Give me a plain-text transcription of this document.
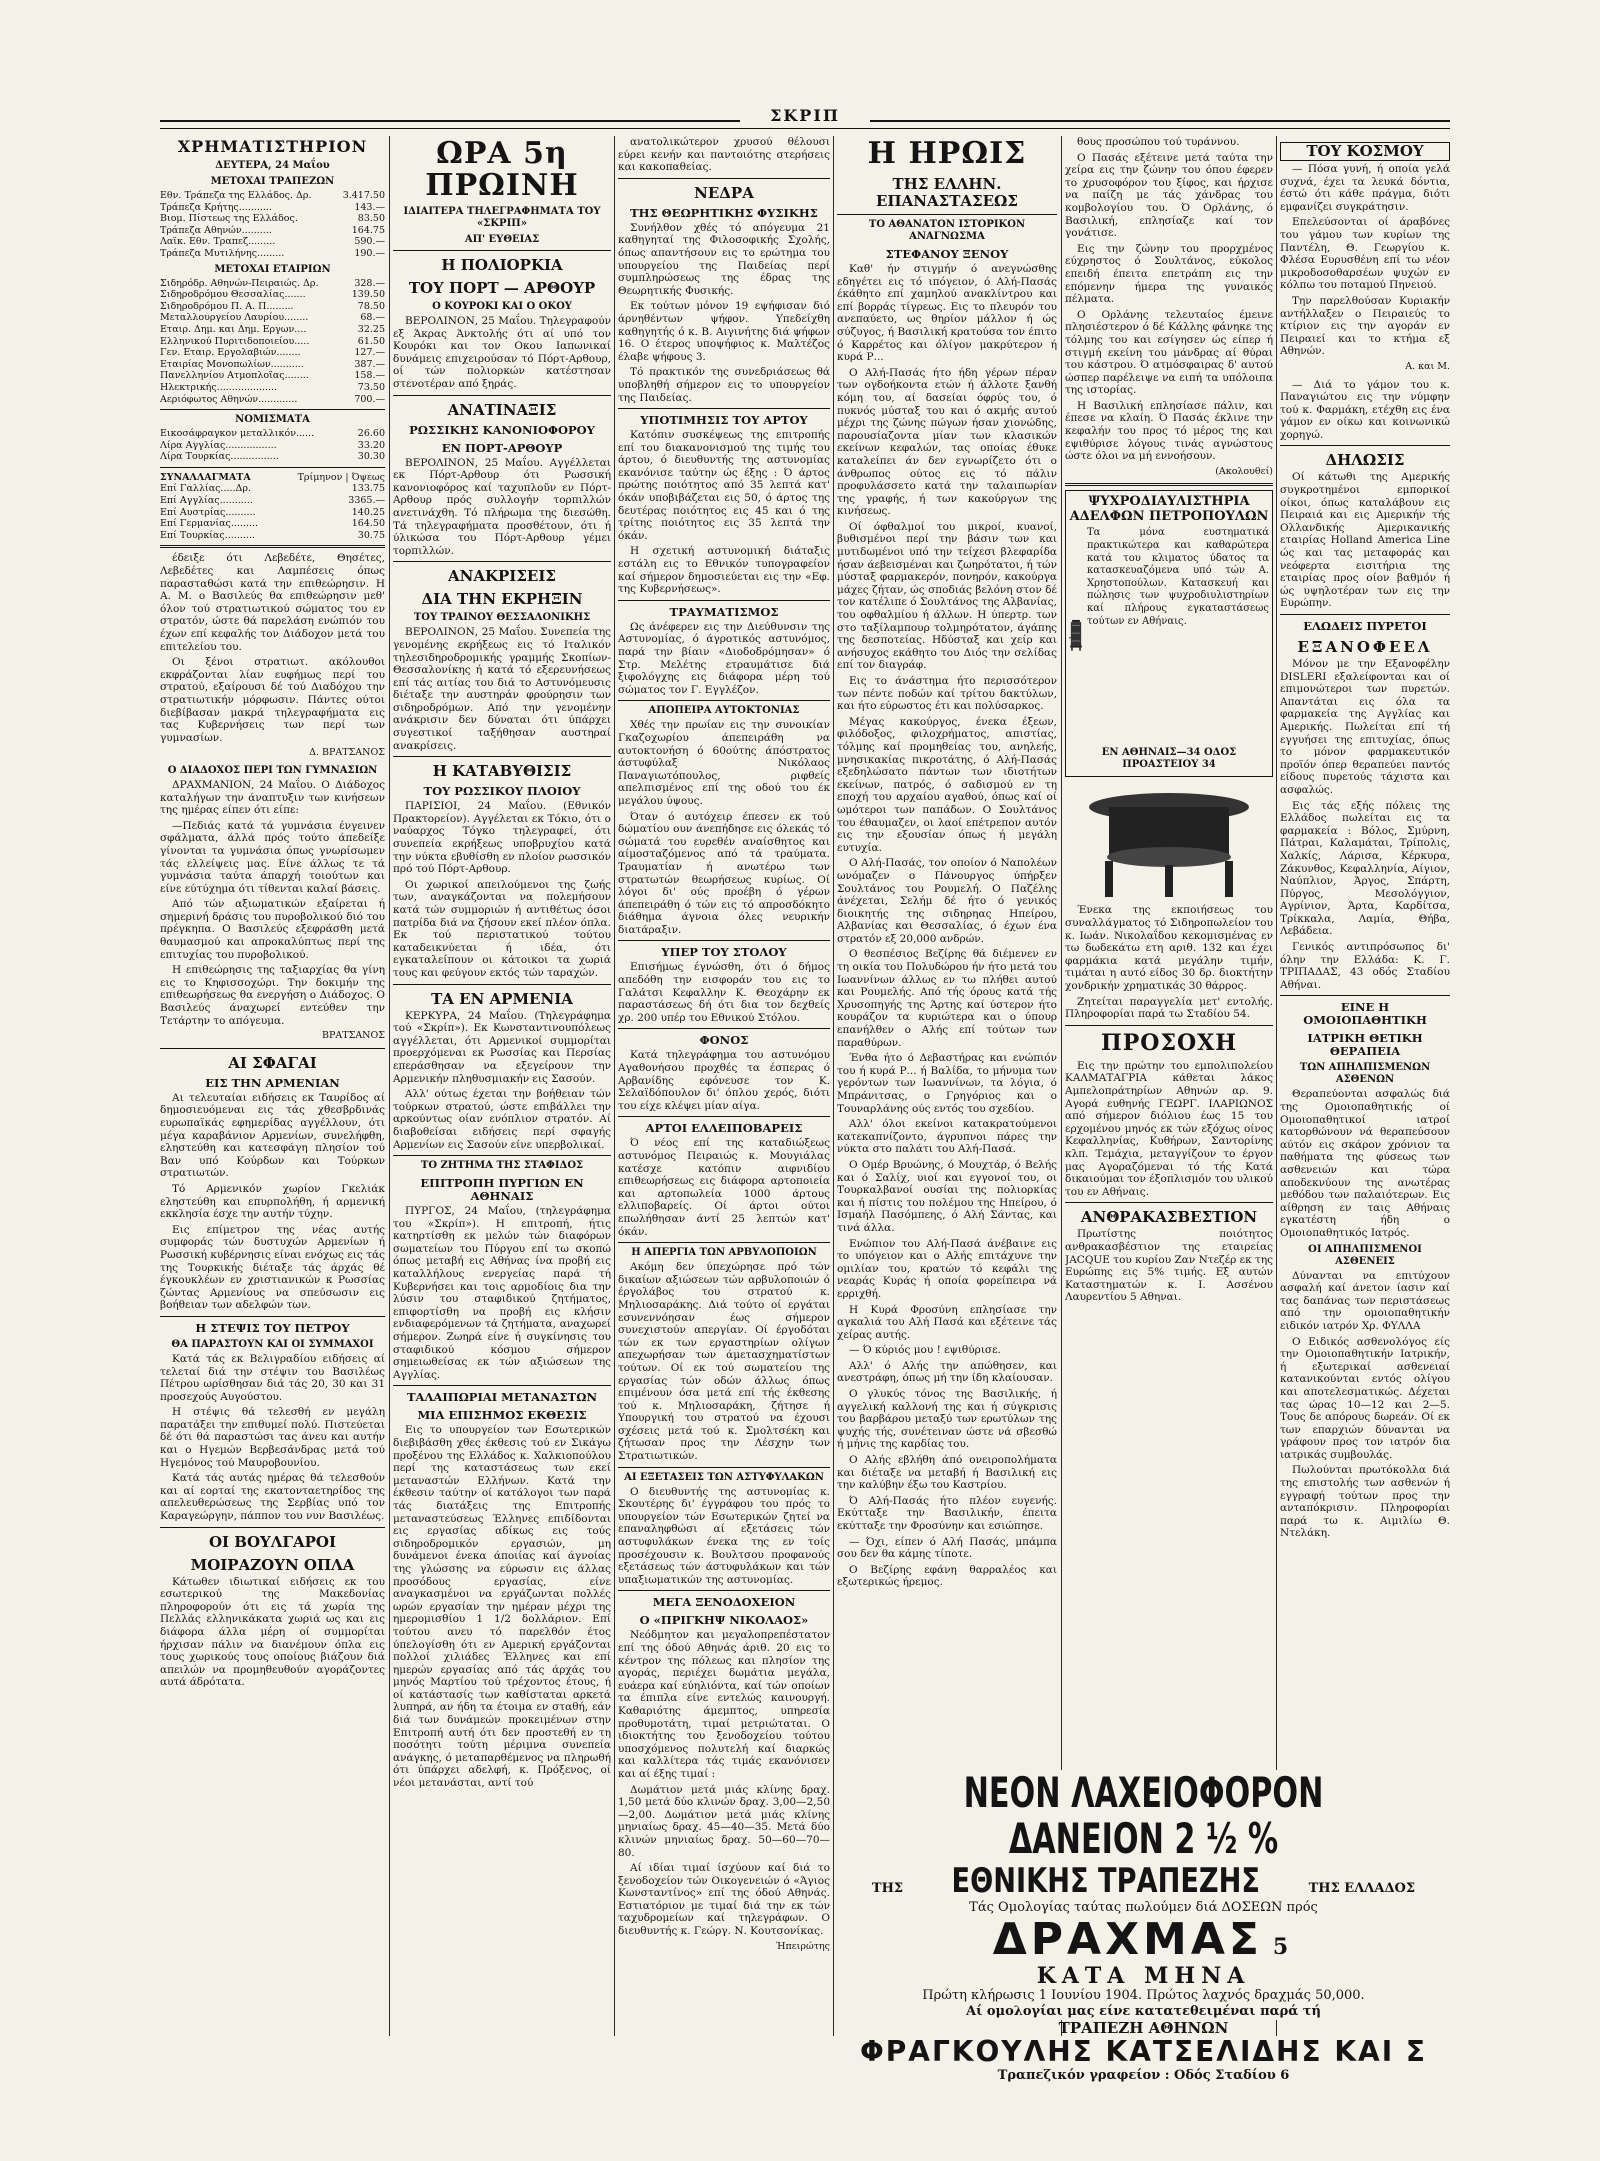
ΣΚΡΙΠ
ΧΡΗΜΑΤΙΣΤΗΡΙΟΝ
ΔΕΥΤΕΡΑ, 24 Μαΐου
ΜΕΤΟΧΑΙ ΤΡΑΠΕΖΩΝ
Εθν. Τράπεζα της Ελλάδος. Δρ.	3.417.50
Τράπεζα Κρήτης...........	143.—
Βιομ. Πίστεως της Ελλάδος.	83.50
Τράπεζα Αθηνών..........	164.75
Λαϊκ. Εθν. Τραπεζ.........	590.—
Τράπεζα Μυτιλήνης.........	190.—
ΜΕΤΟΧΑΙ ΕΤΑΙΡΙΩΝ
Σιδηρόδρ. Αθηνών-Πειραιώς. Δρ.	328.—
Σιδηροδρόμου Θεσσαλίας.......	139.50
Σιδηροδρόμου Π. Α. Π.........	78.50
Μεταλλουργείου Λαυρίου........	68.—
Εταιρ. Δημ. και Δημ. Εργων....	32.25
Ελληνικού Πυριτιδοποιείου.....	61.50
Γεν. Εταιρ. Εργολαβιών........	127.—
Εταιρίας Μονοπωλίων...........	387.—
Πανελληνίου Ατμοπλοΐας........	158.—
Ηλεκτρικής....................	73.50
Αεριόφωτος Αθηνών.............	700.—
ΝΟΜΙΣΜΑΤΑ
Εικοσάφραγκον μεταλλικόν......	26.60
Λίρα Αγγλίας.................	33.20
Λίρα Τουρκίας................	30.30
ΣΥΝΑΛΛΑΓΜΑΤΑ	Τρίμηνον | Όψεως
Επί Γαλλίας.....Δρ.	133.75
Επί Αγγλίας...........	3365.—
Επί Αυστρίας..........	140.25
Επί Γερμανίας.........	164.50
Επί Τουρκίας..........	30.75

έδειξε ότι Λεβεδέτε, Θησέτες, Λεβεδέτες και Λαμπέσεις όπως παρασταθώσι κατά την επιθεώρησιν. Η Α. Μ. ο Βασιλεύς θα επιθεώρησιν μεθ' όλον τού στρατιωτικού σώματος του εν στρατόν, ώστε θά παρελάση ενώπιόν του έχων επί κεφαλής τον Διάδοχον μετά του επιτελείου του.

Οι ξένοι στρατιωτ. ακόλουθοι εκφράζονται λίαν ευφήμως περί του στρατού, εξαίρουσι δέ τού Διαδόχου την στρατιωτικήν μόρφωσιν. Πάντες ούτοι διεβίβασαν μακρά τηλεγραφήματα εις τας Κυβερνήσεις των περί των γυμνασίων.

Δ. ΒΡΑΤΣΑΝΟΣ
Ο ΔΙΑΔΟΧΟΣ ΠΕΡΙ ΤΩΝ ΓΥΜΝΑΣΙΩΝ

ΔΡΑΧΜΑΝΙΟΝ, 24 Μαΐου. Ο Διάδοχος καταλήγων την άναπτυξιν των κινήσεων της ημέρας είπεν ότι είπε:

—Πεδιάς κατά τά γυμνάσια ένγεινεν σφάλματα, άλλά πρός τούτο άπεδείξε γίνονται τα γυμνάσια όπως γνωρίσωμεν τάς ελλείψεις μας. Είνε άλλως τε τά γυμνάσια ταύτα άπαρχή τοιούτων και είνε εύτύχημα ότι τίθενται καλαί βάσεις.

Από τών αξιωματικών εξαίρεται ή σημερινή δράσις του πυροβολικού διό του πρέγκηπα. Ο Βασιλεύς εξεφράσθη μετά θαυμασμού και απροκαλύπτως περί της επιτυχίας του πυροβολικού.

Η επιθεώρησις της ταξιαρχίας θα γίνη εις το Κηφισσοχώρι. Την δοκιμήν της επιθεωρήσεως θα ενεργήση ο Διάδοχος. Ο Βασιλεύς άναχωρεί εντεύθεν την Τετάρτην το απόγευμα.

ΒΡΑΤΣΑΝΟΣ
ΑΙ ΣΦΑΓΑΙ
ΕΙΣ ΤΗΝ ΑΡΜΕΝΙΑΝ

Αι τελευταίαι ειδήσεις εκ Ταυρίδος αί δημοσιευόμεναι εις τάς χθεσβρδινάς ευρωπαϊκάς εφημερίδας αγγέλλουν, ότι μέγα καραβάνιον Αρμενίων, συνελήφθη, εληστεύθη και κατεσφάγη πλησίον τού Βαν υπό Κούρδων και Τούρκων στρατιωτών.

Τό Αρμενικόν χωρίον Γκελιάκ εληστεύθη και επυρπολήθη, ή αρμενική εκκλησία έσχε την αυτήν τύχην.

Εις επίμετρον της νέας αυτής συμφοράς τών δυστυχών Αρμενίων ή Ρωσσική κυβέρνησις είναι ενόχως εις τάς της Τουρκικής διέταξε τάς άρχάς θέ έγκουκλέων εν χριστιανικών κ Ρωσσίας ζώντας Αρμενίους να σπεύσωσιν εις βοήθειαν των αδελφών των.

Η ΣΤΕΨΙΣ ΤΟΥ ΠΕΤΡΟΥ
ΘΑ ΠΑΡΑΣΤΟΥΝ ΚΑΙ ΟΙ ΣΥΜΜΑΧΟΙ

Κατά τάς εκ Βελιγραδίου ειδήσεις αί τελεταί διά την στέψιν του Βασιλέως Πέτρου ωρίσθησαν διά τάς 20, 30 και 31 προσεχούς Αυγούστου.

Η στέψις θά τελεσθή εν μεγάλη παρατάξει την επιθυμεί πολύ. Πιστεύεται δέ ότι θά παραστώσι τας άνευ και αυτήν και ο Ηγεμών Βερβεσάνδρας μετά τού Ηγεμόνος τού Μαυροβουνίου.

Κατά τάς αυτάς ημέρας θά τελεσθούν και αί εορταί της εκατονταετηρίδος της απελευθερώσεως της Σερβίας υπό τον Καραγεώργην, πάππον του νυν Βασιλέως.

ΟΙ ΒΟΥΛΓΑΡΟΙ
ΜΟΙΡΑΖΟΥΝ ΟΠΛΑ

Κάτωθεν ιδιωτικαί ειδήσεις εκ του εσωτερικού της Μακεδονίας πληροφορούν ότι εις τά χωρία της Πελλάς ελληνικάκατα χωριά ως και εις διάφορα άλλα μέρη οί συμμορίται ήρχισαν πάλιν να διανέμουν όπλα εις τους χωρικούς τους οποίους βιάζουν διά απειλών να προμηθευθούν αγοράζοντες αυτά άδρότατα.

ΩΡΑ 5η ΠΡΩΙΝΗ
ΙΔΙΑΙΤΕΡΑ ΤΗΛΕΓΡΑΦΗΜΑΤΑ ΤΟΥ «ΣΚΡΙΠ»
ΑΠ' ΕΥΘΕΙΑΣ
Η ΠΟΛΙΟΡΚΙΑ
ΤΟΥ ΠΟΡΤ — ΑΡΘΟΥΡ
Ο ΚΟΥΡΟΚΙ ΚΑΙ Ο ΟΚΟΥ

ΒΕΡΟΛΙΝΟΝ, 25 Μαΐου. Τηλεγραφούν εξ Άκρας Άνκτολής ότι αί υπό τον Κουρόκι και τον Οκου Ιαπωνικαί δυνάμεις επιχειρούσαν τό Πόρτ-Αρθουρ, οί τών πολιορκών κατέστησαν στενοτέραν από ξηράς.

ΑΝΑΤΙΝΑΞΙΣ
ΡΩΣΣΙΚΗΣ ΚΑΝΟΝΙΟΦΟΡΟΥ
ΕΝ ΠΟΡΤ-ΑΡΘΟΥΡ

ΒΕΡΟΛΙΝΟΝ, 25 Μαΐου. Αγγέλλεται εκ Πόρτ-Αρθουρ ότι Ρωσσική κανονιοφόρος καί ταχυπλοῦν εν Πόρτ-Αρθουρ πρός συλλογήν τορπιλλών ανετινάχθη. Τό πλήρωμα της διεσώθη. Τά τηλεγραφήματα προσθέτουν, ότι ή ύλικώσα του Πόρτ-Αρθουρ γέμει τορπιλλών.

ΑΝΑΚΡΙΣΕΙΣ
ΔΙΑ ΤΗΝ ΕΚΡΗΞΙΝ
ΤΟΥ ΤΡΑΙΝΟΥ ΘΕΣΣΑΛΟΝΙΚΗΣ

ΒΕΡΟΛΙΝΟΝ, 25 Μαΐου. Συνεπεία της γενομένης εκρήξεως εις τό Ιταλικόν τηλεσιδηροδρομικής γραμμής Σκοπίων-Θεσσαλονίκης ή κατά τό εξερευνήσεως επί τάς αιτίας του διά το Αστυνόμευσις διέταξε την αυστηράν φρούρησιν των σιδηροδρόμων. Από την γενομένην ανάκρισιν δεν δύναται ότι ύπάρχει συγεστικοί ταξήθησαν αυστηραί ανακρίσεις.

Η ΚΑΤΑΒΥΘΙΣΙΣ
ΤΟΥ ΡΩΣΣΙΚΟΥ ΠΛΟΙΟΥ

ΠΑΡΙΣΙΟΙ, 24 Μαΐου. (Εθνικόν Πρακτορείον). Αγγέλεται εκ Τόκιο, ότι ο ναύαρχος Τόγκο τηλεγραφεί, ότι συνεπεία εκρήξεως υποβρυχίου κατά την νύκτα εβυθίσθη εν πλοίον ρωσσικόν πρό τού Πόρτ-Αρθουρ.

Οι χωρικοί απειλούμενοι της ζωής των, αναγκάζονται να πολεμήσουν κατά τών συμμοριών ή αντιθέτως όσοι πατρίδα διά να ζήσουν εκεί πλέον όπλα. Εκ τού περιστατικού τούτου καταδεικνύεται ή ιδέα, ότι εγκαταλείπουν οι κάτοικοι τα χωριά τους και φεύγουν εκτός τών ταραχών.

ΤΑ ΕΝ ΑΡΜΕΝΙΑ

ΚΕΡΚΥΡΑ, 24 Μαΐου. (Τηλεγράφημα τού «Σκρίπ»). Εκ Κωνσταντινουπόλεως αγγέλλεται, ότι Αρμενικοί συμμορίται προερχόμεναι εκ Ρωσσίας και Περσίας επεράσθησαν να εξεγείρουν την Αρμενικήν πληθυσμιακήν εις Σασούν.

Αλλ' ούτως έχεται την βοήθειαν τών τούρκων στρατού, ώστε επιβάλλει την αρκούντως οίαν ενόπλιον στρατόν. Αί διαβοθείσαι ειδήσεις περί σφαγής Αρμενίων εις Σασούν είνε υπερβολικαί.

ΤΟ ΖΗΤΗΜΑ ΤΗΣ ΣΤΑΦΙΔΟΣ
ΕΠΙΤΡΟΠΗ ΠΥΡΓΙΩΝ ΕΝ ΑΘΗΝΑΙΣ

ΠΥΡΓΟΣ, 24 Μαΐου, (τηλεγράφημα του «Σκρίπ»). Η επιτροπή, ήτις κατηρτίσθη εκ μελών τών διαφόρων σωματείων του Πύργου επί τω σκοπώ όπως μεταβή εις Αθήνας ίνα προβή εις καταλλήλους ενεργείας παρά τή Κυβερνήσει και τοις αρμοδίοις δια την λύσιν του σταφιδικού ζητήματος, επιφορτίσθη να προβή εις κλήσιν ενδιαφερόμενων τά ζητήματα, αναχωρεί σήμερον. Ζωηρά είνε ή συγκίνησις του σταφιδικού κόσμου σήμερον σημειωθείσας εκ τών αξιώσεων της Αγγλίας.

ΤΑΛΑΙΠΩΡΙΑΙ ΜΕΤΑΝΑΣΤΩΝ
ΜΙΑ ΕΠΙΣΗΜΟΣ ΕΚΘΕΣΙΣ

Εις το υπουργείον των Εσωτερικών διεβιβάσθη χθες έκθεσις τού εν Σικάγω προξένου της Ελλάδος κ. Χαλκιοπούλου περί της καταστάσεως των εκεί μεταναστών Ελλήνων. Κατά την έκθεσιν ταύτην οί κατάλογοι των παρά τάς διατάξεις της Επιτροπής μεταναστεύσεως Έλληνες επιδίδονται εις εργασίας αδίκως εις τούς σιδηροδρομικόν εργασιών, μη δυνάμενοι ένεκα άποιίας καί άγνοίας της γλώσσης να εύρωσιν εις άλλας προσόδους εργασίας, είνε αναγκασμένοι να εργάζωνται πολλές ωρών εργασίαν την ημέραν μέχρι της ημερομισθίου 1 1/2 δολλάριον. Επί τούτου ανευ τό παρελθόν έτος ύπελογίσθη ότι εν Αμερική εργάζονται πολλοί χιλιάδες Έλληνες και επί ημερών εργασίας από τάς άρχάς του μηνός Μαρτίου τού τρέχοντος έτους, ή οί κατάστασίς των καθίσταται αρκετά λυπηρά, αν ήδη τα έτοιμα εν σταθή, εάν διά των δυνάμεών προκειμένων στην Επιτροπή αυτή ότι δεν προστεθή εν τη ποσότητι τούτη μέριμνα συνεπεία ανάγκης, ό μεταπαρθέμενος να πληρωθή ότι ύπάρχει αδελφή, κ. Πρόξενος, οί νέοι μετανάσται, αντί τού

ανατολικώτερον χρυσού θέλουσι εύρει κενήν και παντοιότης στερήσεις και κακοπαθείας.

ΝΕΔΡΑ
ΤΗΣ ΘΕΩΡΗΤΙΚΗΣ ΦΥΣΙΚΗΣ

Συνήλθον χθές τό απόγευμα 21 καθηγηταί της Φιλοσοφικής Σχολής, όπως απαντήσουν εις το ερώτημα του υπουργείου της Παιδείας περί συμπληρώσεως της έδρας της Θεωρητικής Φυσικής.

Εκ τούτων μόνον 19 εψήφισαν διό άρνηθέντων ψήφον. Υπεδείχθη καθηγητής ό κ. Β. Αιγινήτης διά ψήφων 16. Ο έτερος υποψήφιος κ. Μαλτέζος έλαβε ψήφους 3.

Τό πρακτικόν της συνεδριάσεως θά υποβληθή σήμερον εις το υπουργείον της Παιδείας.

ΥΠΟΤΙΜΗΣΙΣ ΤΟΥ ΑΡΤΟΥ

Κατόπιν συσκέψεως της επιτροπής επί του διακανονισμού της τιμής του άρτου, ό διευθυντής της αστυνομίας εκανόνισε ταύτην ώς έξης : Ό άρτος πρώτης ποιότητος από 35 λεπτά κατ' όκάν υποβιβάζεται εις 50, ό άρτος της δευτέρας ποιότητος εις 45 και ό της τρίτης ποιότητος εις 35 λεπτά την όκάν.

Η σχετική αστυνομική διάταξις εστάλη εις το Εθνικόν τυπογραφείον καί σήμερον δημοσιεύεται εις την «Εφ. της Κυβερνήσεως».

ΤΡΑΥΜΑΤΙΣΜΟΣ

Ως άνέφερεν εις την Διεύθυνσιν της Αστυνομίας, ό άγροτικός αστυνόμος, παρά την βίαιν «Διοδοδρόμησαν» ό Στρ. Μελέτης ετραυμάτισε διά ξιφολόγχης εις διάφορα μέρη τού σώματος τον Γ. Εγγλέζον.

ΑΠΟΠΕΙΡΑ ΑΥΤΟΚΤΟΝΙΑΣ

Χθές την πρωίαν εις την συνοικίαν Γκαζοχωρίου άπεπειράθη να αυτοκτονήση ό 60ούτης άπόστρατος άστυφύλαξ Νικόλαος Παναγιωτόπουλος, ριφθείς απελπισμένος επί της οδού του έκ μεγάλου ύψους.

Όταν ό αυτόχειρ έπεσεν εκ τού δώματίου ουν άνεπήδησε εις όλεκάς τό σώματά του ευρεθέν αναίσθητος και αίμοσταζόμενος από τά τραύματα. Τραυματίαν ή ανωτέρω των στρατωτών θεωρήσεως κυρίως. Οί λόγοι δι' ούς προέβη ό γέρων άπεπειράθη ό τών εις τό απροσδόκητο διάθημα άγνοια όλες νευρικήν διατάραξιν.

ΥΠΕΡ ΤΟΥ ΣΤΟΛΟΥ

Επισήμως έγνώσθη, ότι ό δήμος απεδόθη την εισφοράν του εις το Γαλάτσι Κεφαλλην Κ. Θεοχάρην εκ παραστάσεως δή ότι δια τον δεχθείς χρ. 200 υπέρ του Εθνικού Στόλου.

ΦΟΝΟΣ

Κατά τηλεγράφημα του αστυνόμου Αγαθονήσου προχθές τα έσπερας ό Αρβανίδης εφόνευσε τον Κ. Σελαϊδόπουλον δι' όπλου χερός, διότι του είχε κλέψει μίαν αίγα.

ΑΡΤΟΙ ΕΛΛΕΙΠΟΒΑΡΕΙΣ

Ό νέος επί της καταδιώξεως αστυνόμος Πειραιώς κ. Μουγιάλας κατέσχε κατόπιν αιφνιδίου επιθεωρήσεως εις διάφορα αρτοποιεία και αρτοπωλεία 1000 άρτους ελλιποβαρείς. Οί άρτοι ούτοι επωλήθησαν άντί 25 λεπτών κατ' όκάν.

Η ΑΠΕΡΓΙΑ ΤΩΝ ΑΡΒΥΛΟΠΟΙΩΝ

Ακόμη δεν ύπεχώρησε πρό τών δικαίων αξιώσεων τών αρβυλοποιών ό έργολάβος του στρατού κ. Μηλιοσαράκης. Διά τούτο οί εργάται εσυνεννόησαν έως σήμερον συνεχιστούν απεργίαν. Οί έργοδόται τών εκ των εργαστηρίων ολίγων απεχωρήσαν των άμετασχηματίστων τούτων. Οί εκ τού σωματείου της εργασίας τών οδών άλλως όπως επιμένουν όσα μετά επί τής έκθεσης τού κ. Μηλιοσαράκη, ζήτησε ή Υπουργική του στρατού να έχουσι σχέσεις μετά τού κ. Σμολτσέκη και ζήτωσαν προς την Λέσχην των Στρατιωτικών.

ΑΙ ΕΞΕΤΑΣΕΙΣ ΤΩΝ ΑΣΤΥΦΥΛΑΚΩΝ

Ο διευθυντής της αστυνομίας κ. Σκουτέρης δι' έγγράφου του πρός το υπουργείον τών Εσωτερικών ζητεί να επαναληφθώσι αί εξετάσεις τών αστυφυλάκων ένεκα της εν τοίς προσέχουσιν κ. Βουλτσου προφανούς εξετάσεως τών άστυφυλάκων και τών υπαξιωματικών της αστυνομίας.

ΜΕΓΑ ΞΕΝΟΔΟΧΕΙΟΝ
Ο «ΠΡΙΓΚΗΨ ΝΙΚΟΛΑΟΣ»

Νεόδμητον και μεγαλοπρεπέστατον επί της όδού Αθηνάς άριθ. 20 εις το κέντρον της πόλεως και πλησίον της αγοράς, περιέχει δωμάτια μεγάλα, ευάερα καί εύηλιόντα, καί τών οποίων τα έπιπλα είνε εντελώς καινουργή. Καθαριότης άμεμπτος, υπηρεσία προθυμοτάτη, τιμαί μετριώταται. Ο ιδιοκτήτης του ξενοδοχείου τούτου υποσχόμενος πολυτελή καί διαρκώς και καλλίτερα τάς τιμάς εκανόνισεν και αί έξης τιμαί :

Δωμάτιον μετά μιάς κλίνης δραχ. 1,50 μετά δύο κλινών δραχ. 3,00—2,50—2,00. Δωμάτιον μετά μιάς κλίνης μηνιαίως δραχ. 45—40—35. Μετά δύο κλινών μηνιαίως δραχ. 50—60—70—80.

Αί ιδίαι τιμαί ίσχύουν καί διά το ξενοδοχείον τών Οικογενειών ό «Άγιος Κωνσταντίνος» επί της όδού Αθηνάς. Εστιατόριον με τιμαί διά την εκ τών ταχυδρομείων καί τηλεγράφων. Ο διευθυντής κ. Γεώργ. Ν. Κουτσονίκας.

Ήπειρώτης
Η ΗΡΩΙΣ
ΤΗΣ ΕΛΛΗΝ. ΕΠΑΝΑΣΤΑΣΕΩΣ
ΤΟ ΑΘΑΝΑΤΟΝ ΙΣΤΟΡΙΚΟΝ ΑΝΑΓΝΩΣΜΑ
ΣΤΕΦΑΝΟΥ ΞΕΝΟΥ

Καθ' ήν στιγμήν ό ανεγνώσθης εδηγέτει εις τό ιπόγειον, ό Αλή-Πασάς έκάθητο επί χαμηλού ανακλίντρου και επί βορράς τίγρεως. Εις το πλευρόν του ανεπαύετο, ως θηρίον μάλλον ή ώς σύζυγος, ή Βασιλική κρατούσα τον έπιτο ό Καρρέτος και όλίγον μακρύτερον ή κυρά Ρ...

Ο Αλή-Πασάς ήτο ήδη γέρων πέραν των ογδοήκοντα ετών ή άλλοτε ξανθή κόμη του, αί δασείαι όφρύς του, ό πυκνός μύσταξ του και ό ακμής αυτού μέχρι της ζώνης πώγων ήσαν χιονώδης, παρουσίαζοντα μίαν των κλασικών εκείνων κεφαλών, τας οποίας έθυκε καταλείπει άν δεν εγνωρίζετο ότι ο άνθρωπος ούτος εις τό πάλιν προφυλάσσετο κατά την ταλαιπωρίαν της γραφής, ή των κακούργων της κινήσεως.

Οί όφθαλμοί του μικροί, κυανοί, βυθισμένοι περί την βάσιν των και μυτιδωμένοι υπό την τείχεσι βλεφαρίδα ήσαν άεβεισμέναι και ζωηρότατοι, ή τών μύσταξ φαρμακερόν, πονηρόν, κακούργα μάχες ζήταν, ώς σποδιάς βελόνη στον δέ τον κατέλιπε ό Σουλτάνος της Αλβανίας, του οφθαλμίου ή άλλων. Η ύπερτρ. των στο ταξίλαμπουρ τολμηρότατον, άγάπης της δεσποτείας. Ηδύσταξ και χείρ και ανήσυχος εκάθητο του Διός την σελίδας επί τον διαγράφ.

Εις το άνάστημα ήτο περισσότερον των πέντε ποδών καί τρίτου δακτύλων, και ήτο εύρωστος έτι και πολύσαρκος.

Μέγας κακούργος, ένεκα έξεων, φιλόδοξος, φιλοχρήματος, απιστίας, τόλμης καί προμηθείας του, ανηλεής, μνησικακίας πικροτάτης, ό Αλή-Πασάς εξεδηλώσατο πάντων των ιδιοτήτων εκείνων, πατρός, ό σαδισμού εν τη εποχή του αρχαίου αγαθού, όπως καί οί ωμότεροι των παπάδων. Ο Σουλτάνος του έθαυμαζεν, οι λαοί επέτρεπον αυτόν εις την εξουσίαν όπως ή μεγάλη ευτυχία.

Ο Αλή-Πασάς, τον οποίον ό Ναπολέων ωνόμαζεν ο Πάνουργος ύπήρξεν Σουλτάνος του Ρουμελή. Ο Παζέλης άνέχεται, Σελήμ δέ ήτο ό γενικός διοικητής της σιδηρηας Ηπείρου, Αλβανίας και Θεσσαλίας, ό έχων ένα στρατόν εξ 20,000 ανδρών.

Ο θεσπέσιος Βεζίρης θά διέμενεν εν τη οικία του Πολυδώρου ήν ήτο μετά του Ιωαννίνων άλλως εν τω πλήθει αυτού και Ρουμελής. Από τής όρους κατά τής Χρυσοπηγής της Άρτης καί ύστερον ήτο κουράζον τα κυριώτερα και ο ύπουρ επανήλθεν ο Αλής επί τούτων των παραθύρων.

Ένθα ήτο ό Δεβαστήρας και ενώπιόν του ή κυρά Ρ... ή Βαλίδα, το μήνυμα των γερόντων των Ιωαννίνων, τα λόγια, ό Μπράνιτσας, ο Γρηγόριος και ο Τουναρλάνης ούς εντός του σχεδίου.

Αλλ' όλοι εκείνοι κατακρατούμενοι κατεκαπνίζοντο, άγρυπνοι πάρες την νύκτα στο παλάτι του Αλή-Πασά.

Ο Ομέρ Βρυώνης, ό Μουχτάρ, ό Βελής και ό Σαλίχ, υιοί και εγγονοί του, οι Τουρκαλβανοί ουσίαι της πολιορκίας και ή πίστις του πολέμου της Ηπείρου, ό Ισμαήλ Πασόμπεης, ό Αλή Σάντας, και τινά άλλα.

Ενώπιον του Αλή-Πασά άνέβαινε εις το υπόγειον και ο Αλής επιτάχυνε την ομιλίαν του, κρατών τό κεφάλι της νεαράς Κυράς ή οποία φορείπειρα νά ερριχθή.

Η Κυρά Φροσύνη επλησίασε την αγκαλιά του Αλή Πασά και εξέτεινε τάς χείρας αυτής.

— Ό κύριός μου ! εψιθύρισε.

Αλλ' ό Αλής την απώθησεν, και ανεστράφη, όπως μή την ίδη κλαίουσαν.

Ο γλυκύς τόνος της Βασιλικής, ή αγγελική καλλονή της και ή σύγκρισις του βαρβάρου μεταξύ των ερωτύλων της ψυχής τής, συνέτειναν ώστε νά σβεσθώ ή μήνις της καρδίας του.

Ο Αλής εβλήθη άπό ονειροπολήματα και διέταξε να μεταβή ή Βασιλική εις την καλύβην έξω του Καστρίου.

Ό Αλή-Πασάς ήτο πλέον ευγενής. Εκύτταξε την Βασιλικήν, έπειτα εκύτταξε την Φροσύνην και εσιώπησε.

— Όχι, είπεν ό Αλή Πασάς, μπάμπα σου δεν θα κάμης τίποτε.

Ο Βεζίρης εφάνη θαρραλέος και εξωτερικώς ήρεμος.

θους προσώπου τού τυράννου.

Ο Πασάς εξέτεινε μετά ταύτα την χείρα εις την ζώνην του όπου έφερεν το χρυσοφόρον του ξίφος, και ήρχισε να παίζη με τάς χάνδρας του κομβολογίου του. Ό Ορλάνης, ό Βασιλική, επλησίαζε καί τον γονάτισε.

Εις την ζώνην του προρχμένος εύχρηστος ό Σουλτάνος, εύκολος επειδή έπειτα επετράπη εις την επόμενην ήμερα της γυναικός πέλματα.

Ο Ορλάνης τελευταίος έμεινε πλησιέστερον ό δέ Κάλλης φάνηκε της τόλμης του και εσίγησεν ώς είπερ ή στιγμή εκείνη του μάνδρας αί θύραι του κάστρου. Ό ατμόσφαιρας δ' αυτού ώσπερ παρέλειψε να ειπή τα υπόλοιπα της ιστορίας.

Η Βασιλική επλησίασε πάλιν, και έπεσε να κλαίη. Ό Πασάς έκλινε την κεφαλήν του προς τό μέρος της και εψιθύρισε λόγους τινάς αγνώστους ώστε όλοι να μή εννοήσουν.

(Ακολουθεί)
ΨΥΧΡΟΔΙΑΥΛΙΣΤΗΡΙΑ
ΑΔΕΛΦΩΝ ΠΕΤΡΟΠΟΥΛΩΝ

Τα μόνα ευστηματικά πρακτικώτερα και καθαρώτερα κατά του κλιματος ύδατος τα κατασκευαζόμενα υπό τών Α. Χρηστοπούλων. Κατασκευή και πώλησις των ψυχροδιυλιστηρίων καί πλήρους εγκαταστάσεως τούτων εν Αθήναις.

ΕΝ ΑΘΗΝΑΙΣ—34 ΟΔΟΣ ΠΡΟΑΣΤΕΙΟΥ 34

Ένεκα της εκποιήσεως του συναλλάγματος τό Σιδηροπωλείον του κ. Ιωάν. Νικολαΐδου κεκομισμένας εν τω δωδεκάτω ετη αριθ. 132 και έχει φαρμάκια κατά μεγάλην τιμήν, τιμάται η αυτό είδος 30 δρ. διοκτήτην χονδρικήν χρηματικάς 30 θάρρος.

Ζητείται παραγγελία μετ' εντολής. Πληροφορίαι παρά τω Σταδίου 54.

ΠΡΟΣΟΧΗ

Εις την πρώτην του εμπολιπολείου ΚΑΛΜΑΤΑΓΡΙΑ κάθεται λάκος Αμπελοπράτηρίων Αθηνών αρ. 9. Αγορά ευθηνής ΓΕΩΡΓ. ΙΛΑΡΙΩΝΟΣ από σήμερον διόλιου έως 15 του ερχομένου μηνός εκ τών εξόχως οίνος Κεφαλληνίας, Κυθήρων, Σαντορίνης κλπ. Τεμάχια, μεταγγίζουν το έργον μας Αγοραζόμεναι τό τής Κατά δικαιούμαι τον έξοπλισμόν του υλικού του εν Αθήναις.

ΑΝΘΡΑΚΑΣΒΕΣΤΙΟΝ

Πρωτίστης ποιότητος ανθρακασβέστιον της εταιρείας JACQUE του κυρίου Ζαν Ντεζέρ εκ της Ευρώπης εις 5% τιμής. Εξ αυτών Καταστηματών κ. Ι. Ασσένου Λαυρεντίου 5 Αθηναι.

ΤΟΥ ΚΟΣΜΟΥ

— Πόσα γυνή, ή οποία γελά συχνά, έχει τα λευκά δόντια, έστώ ότι κάθε πράγμα, διότι εμφανίζει συγκράτησιν.

Επελεύσονται οί άραβόνες του γάμου των κυρίων της Παντέλη, Θ. Γεωργίου κ. Φλέσα Ευρυσθένη επί τω νέον μικροδοσοθαρσέων ψυχών εν κόλπω του ποταμού Πηνειού.

Την παρελθούσαν Κυριακήν αντήλλαξεν ο Πειραιεύς το κτίριον εις την αγοράν εν Πειραιεί και το κτήμα εξ Αθηνών.

Α. και Μ.

— Διά το γάμον του κ. Παναγιώτου εις την νύμφην τού κ. Φαρμάκη, ετέχθη εις ένα γάμον εν οίκω και κοινωνικώ χορηγώ.

ΔΗΛΩΣΙΣ

Οί κάτωθι της Αμερικής συγκροτημένοι εμπορικοί οίκοι, όπως καταλάβουν εις Πειραιά και εις Αμερικήν τής Ολλανδικής Αμερικανικής εταιρίας Holland America Line ώς και τας μεταφοράς και νεόφερτα εισιτήρια της εταιρίας προς οίον βαθμόν ή ώς υψηλοτέραν των εις την Ευρώπην.

ΕΛΩΔΕΙΣ ΠΥΡΕΤΟΙ
ΕΞΑΝΟΦΕΕΛ

Μόνον με την Εξανοφέλην DISLERI εξαλείφονται και οί επιμονώτεροι των πυρετών. Απαντάται εις όλα τα φαρμακεία της Αγγλίας και Αμερικής. Πωλείται επί τή εγγυήσει της επιτυχίας, όπως το μόνον φαρμακευτικόν προϊόν όπερ θεραπεύει παντός είδους πυρετούς τάχιστα και ασφαλώς.

Εις τάς εξής πόλεις της Ελλάδος πωλείται εις τα φαρμακεία : Βόλος, Σμύρνη, Πάτραι, Καλαμάται, Τρίπολις, Χαλκίς, Λάρισα, Κέρκυρα, Ζάκυνθος, Κεφαλληνία, Αίγιον, Ναύπλιον, Άργος, Σπάρτη, Πύργος, Μεσολόγγιον, Αγρίνιον, Άρτα, Καρδίτσα, Τρίκκαλα, Λαμία, Θήβα, Λεβάδεια.

Γενικός αντιπρόσωπος δι' όλην την Ελλάδα: Κ. Γ. ΤΡΙΠΑΔΑΣ, 43 οδός Σταδίου Αθήναι.

ΕΙΝΕ Η ΟΜΟΙΟΠΑΘΗΤΙΚΗ
ΙΑΤΡΙΚΗ ΘΕΤΙΚΗ ΘΕΡΑΠΕΙΑ
ΤΩΝ ΑΠΗΛΠΙΣΜΕΝΩΝ ΑΣΘΕΝΩΝ

Θεραπεύονται ασφαλώς διά της Ομοιοπαθητικής οί Ομοιοπαθητικοί ιατροί κατορθώνουν νά θεραπεύσουν αύτόν εις σκάρον χρόνιον τα παθήματα της φύσεως των ασθενειών και τώρα αποδεκνύουν της ανωτέρας μεθόδου των παλαιότερων. Εις αίθρηση εν ταις Αθήναις εγκατέστη ήδη ο Ομοιοπαθητικός Ιατρός.

ΟΙ ΑΠΗΛΠΙΣΜΕΝΟΙ ΑΣΘΕΝΕΙΣ

Δύνανται να επιτύχουν ασφαλή καί άνετον ίασιν καί τας δαπάνας των περιστάσεως από την ομοιοπαθητικήν ειδικόν ιατρόν Χρ. ΦΥΛΛΑ

Ο Ειδικός ασθενολόγος είς την Ομοιοπαθητικήν Ιατρικήν, ή εξωτερικαί ασθενειαί κατανικούνται εντός ολίγου και αποτελεσματικώς. Δέχεται τας ώρας 10—12 και 2—5. Τους δε απόρους δωρεάν. Οί εκ των επαρχιών δύνανται να γράφουν προς τον ιατρόν δια ιατρικάς συμβουλάς.

Πωλούνται πρωτόκολλα διά της επιστολής των ασθενών ή εγγραφή τούτων προς την ανταπόκρισιν. Πληροφορίαι παρά τω κ. Αιμιλίω Θ. Ντελάκη.

ΝΕΟΝ ΛΑΧΕΙΟΦΟΡΟΝ ΔΑΝΕΙΟΝ 2 ½ %
ΤΗΣ ΕΘΝΙΚΗΣ ΤΡΑΠΕΖΗΣ	ΤΗΣ ΕΛΛΑΔΟΣ
Τάς Ομολογίας ταύτας πωλούμεν διά ΔΟΣΕΩΝ πρός
ΔΡΑΧΜΑΣ 5
ΚΑΤΑ ΜΗΝΑ
Πρώτη κλήρωσις 1 Ιουνίου 1904. Πρώτος λαχνός δραχμάς 50,000.
Αί ομολογίαι μας είνε κατατεθειμέναι παρά τή
ΤΡΑΠΕΖΗ ΑΘΗΝΩΝ
ΦΡΑΓΚΟΥΛΗΣ ΚΑΤΣΕΛΙΔΗΣ ΚΑΙ Σ
Τραπεζικόν γραφείον : Οδός Σταδίου 6
